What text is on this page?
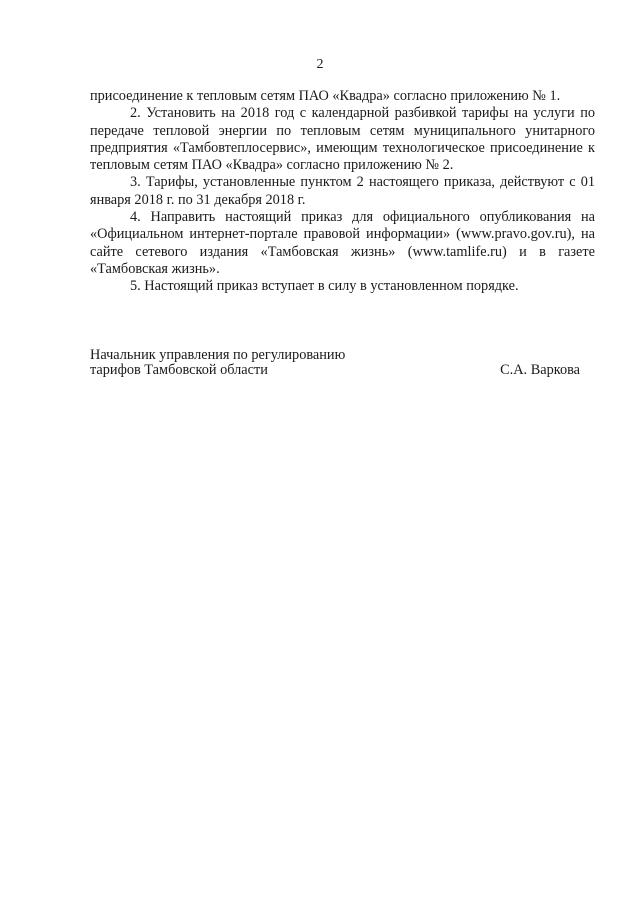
2

присоединение к тепловым сетям ПАО «Квадра» согласно приложению № 1.

2. Установить на 2018 год с календарной разбивкой тарифы на услуги по передаче тепловой энергии по тепловым сетям муниципального унитарного предприятия «Тамбовтеплосервис», имеющим технологическое присоединение к тепловым сетям ПАО «Квадра» согласно приложению № 2.

3. Тарифы, установленные пунктом 2 настоящего приказа, действуют с 01 января 2018 г. по 31 декабря 2018 г.

4. Направить настоящий приказ для официального опубликования на «Официальном интернет-портале правовой информации» (www.pravo.gov.ru), на сайте сетевого издания «Тамбовская жизнь» (www.tamlife.ru) и в газете «Тамбовская жизнь».

5. Настоящий приказ вступает в силу в установленном порядке.

Начальник управления по регулированию
тарифов Тамбовской области	С.А. Варкова
